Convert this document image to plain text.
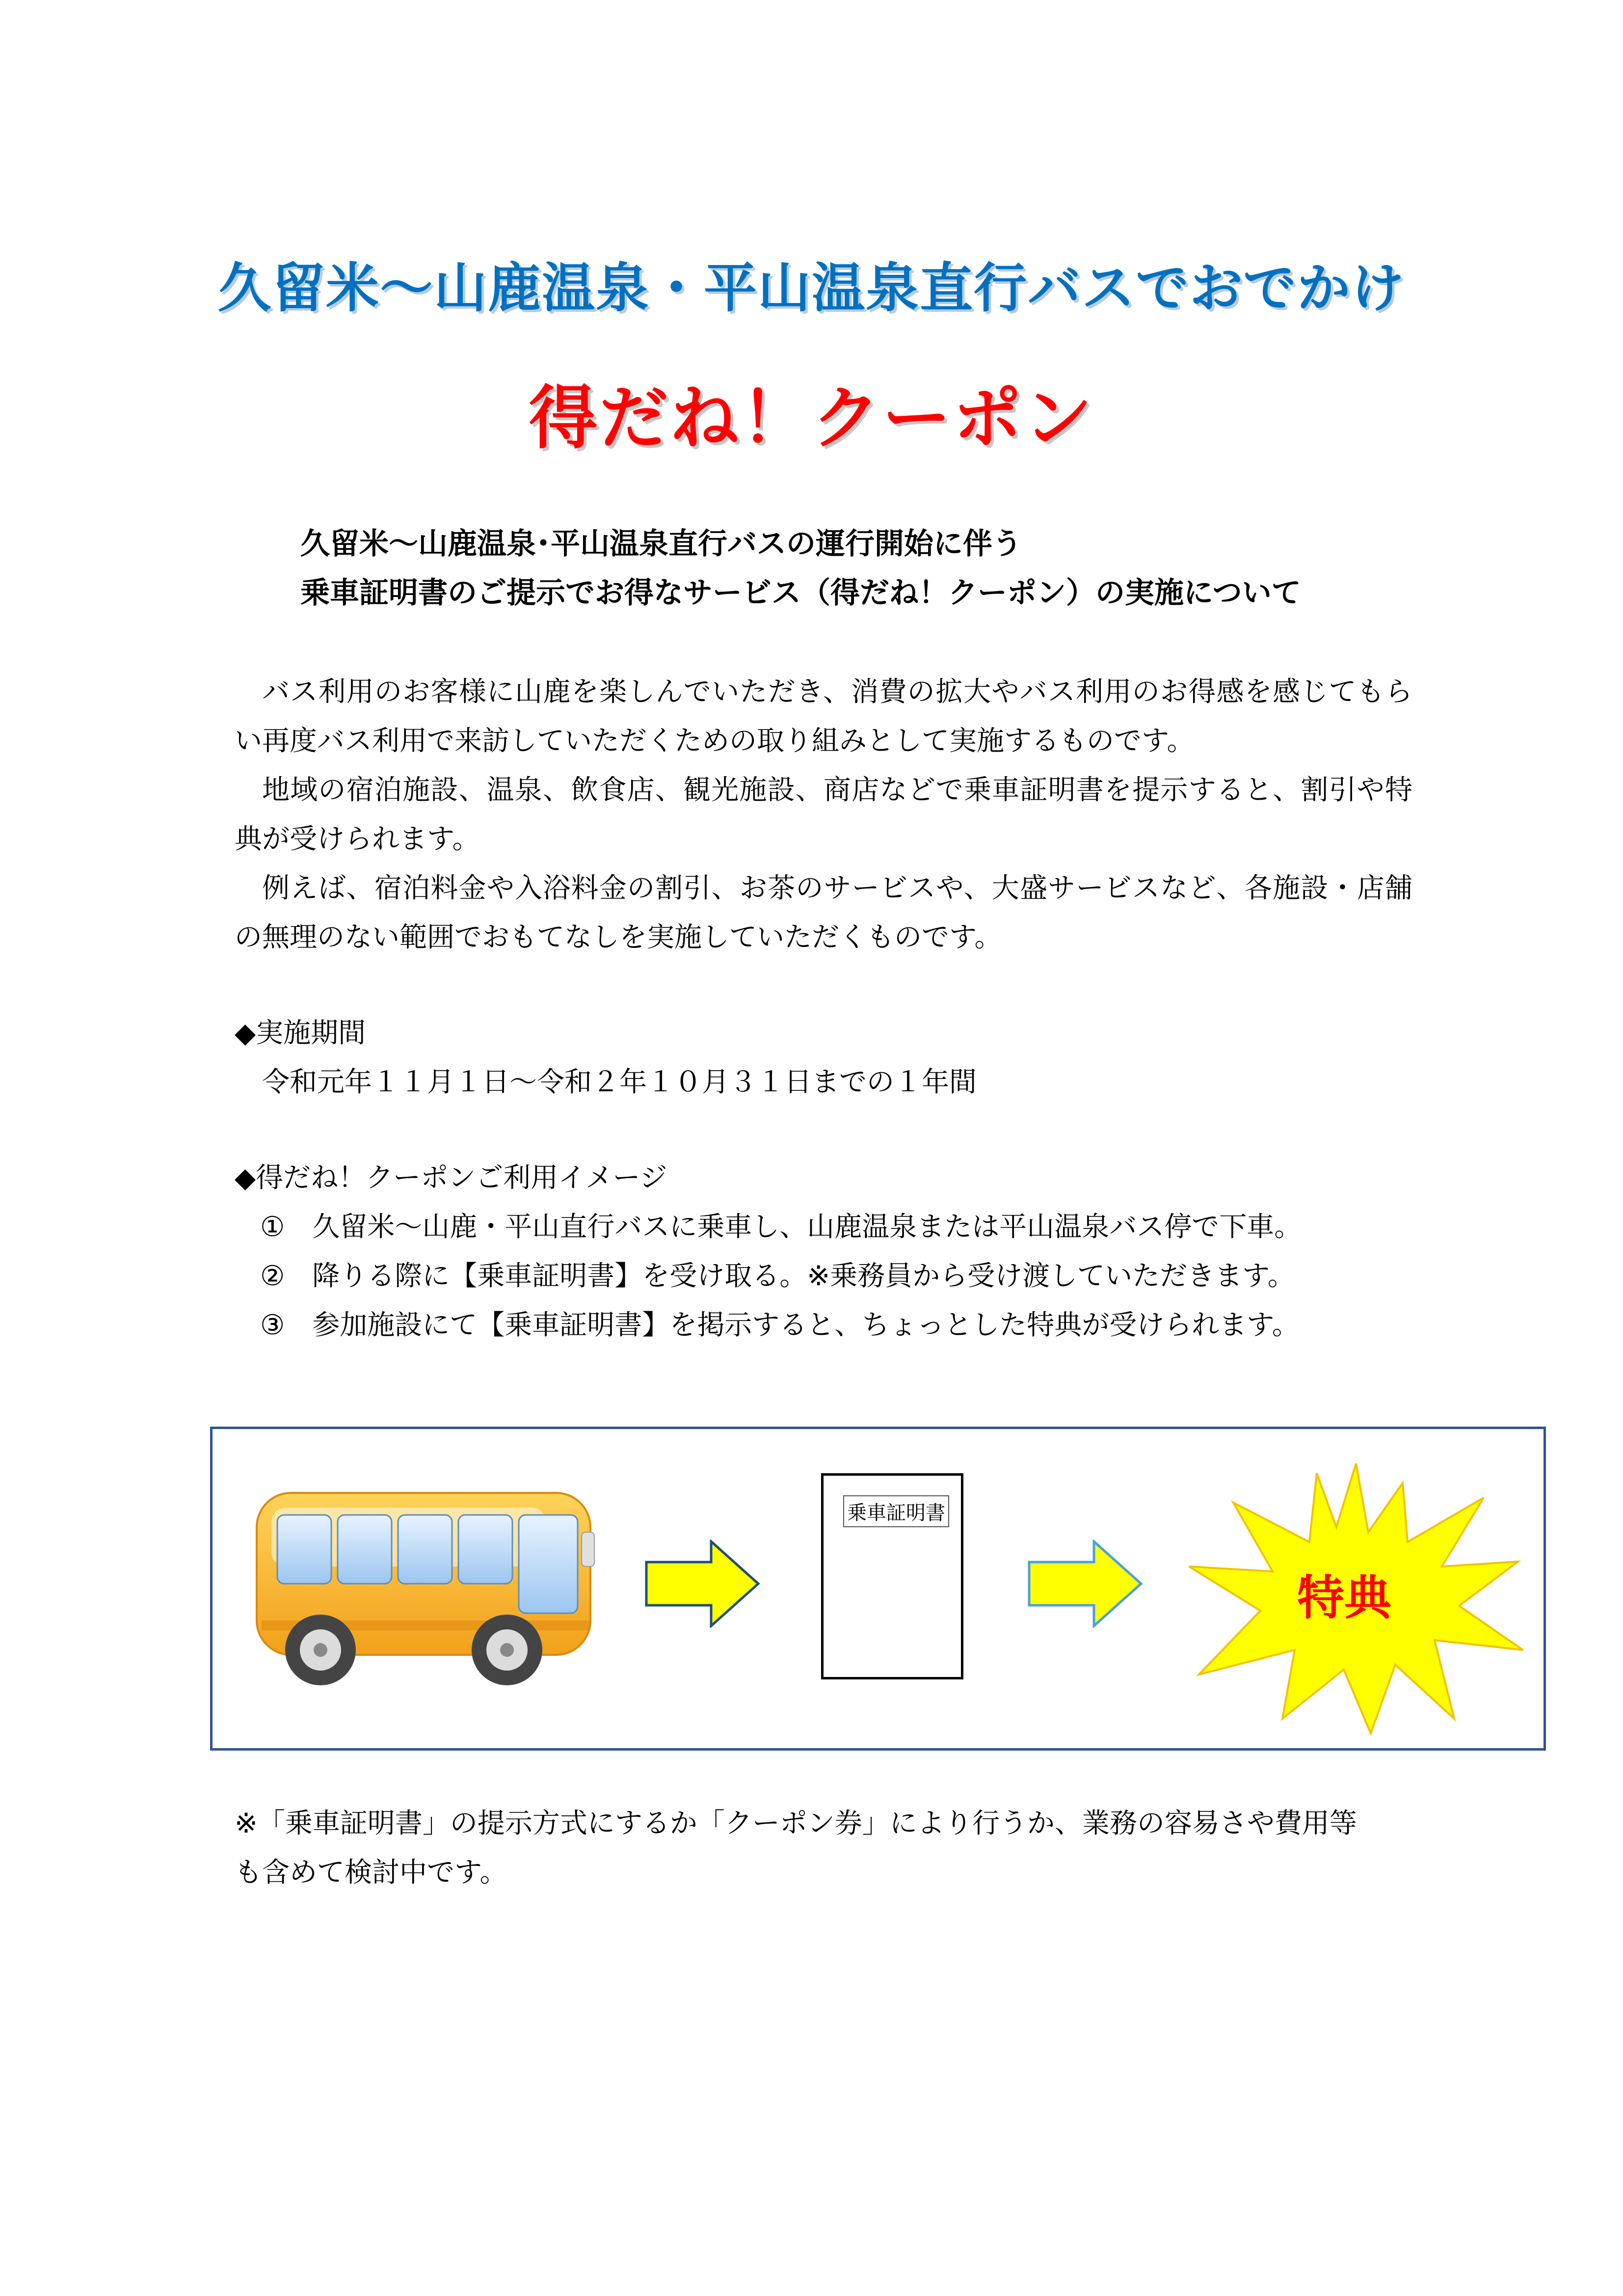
久留米〜山鹿温泉・平山温泉直行バスでおでかけ
得だね！クーポン
久留米〜山鹿温泉･平山温泉直行バスの運行開始に伴う
乗車証明書のご提示でお得なサービス（得だね！クーポン）の実施について

バス利用のお客様に山鹿を楽しんでいただき、消費の拡大やバス利用のお得感を感じてもらい再度バス利用で来訪していただくための取り組みとして実施するものです。

地域の宿泊施設、温泉、飲食店、観光施設、商店などで乗車証明書を提示すると、割引や特典が受けられます。

例えば、宿泊料金や入浴料金の割引、お茶のサービスや、大盛サービスなど、各施設・店舗の無理のない範囲でおもてなしを実施していただくものです。

◆実施期間
令和元年１１月１日〜令和２年１０月３１日までの１年間
◆得だね！クーポンご利用イメージ
①　久留米〜山鹿・平山直行バスに乗車し、山鹿温泉または平山温泉バス停で下車。
②　降りる際に【乗車証明書】を受け取る。※乗務員から受け渡していただきます。
③　参加施設にて【乗車証明書】を掲示すると、ちょっとした特典が受けられます。
乗車証明書
特典
※「乗車証明書」の提示方式にするか「クーポン券」により行うか、業務の容易さや費用等
も含めて検討中です。
